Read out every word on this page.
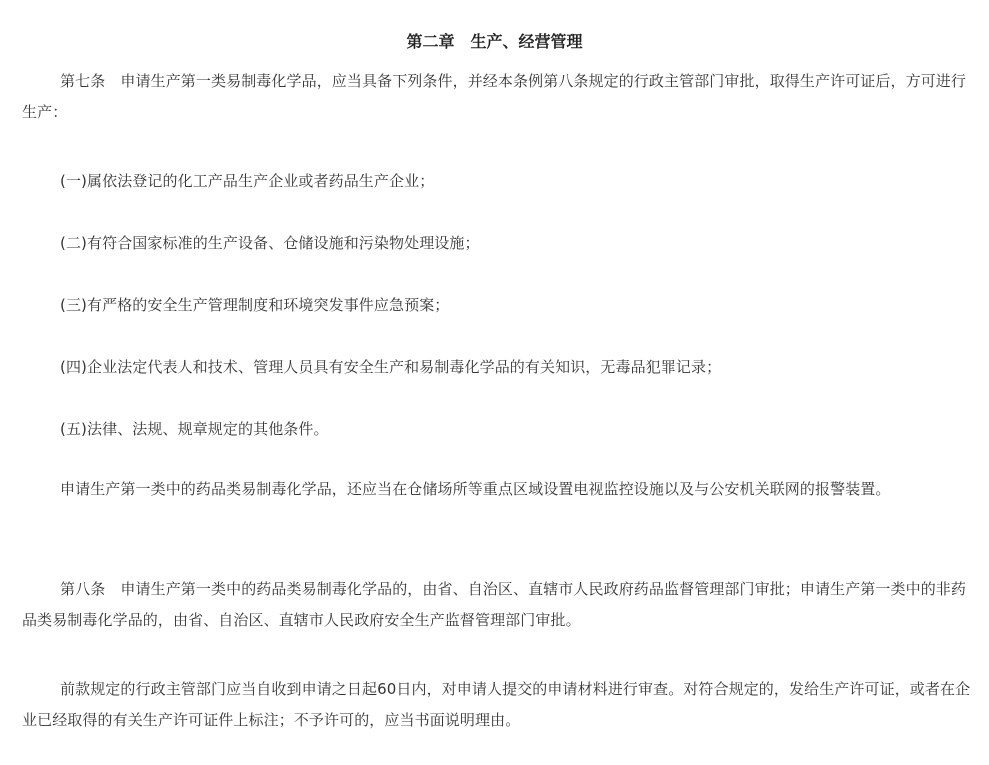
第二章　生产、经营管理

第七条　申请生产第一类易制毒化学品，应当具备下列条件，并经本条例第八条规定的行政主管部门审批，取得生产许可证后，方可进行生产：

(一)属依法登记的化工产品生产企业或者药品生产企业；

(二)有符合国家标准的生产设备、仓储设施和污染物处理设施；

(三)有严格的安全生产管理制度和环境突发事件应急预案；

(四)企业法定代表人和技术、管理人员具有安全生产和易制毒化学品的有关知识，无毒品犯罪记录；

(五)法律、法规、规章规定的其他条件。

申请生产第一类中的药品类易制毒化学品，还应当在仓储场所等重点区域设置电视监控设施以及与公安机关联网的报警装置。

第八条　申请生产第一类中的药品类易制毒化学品的，由省、自治区、直辖市人民政府药品监督管理部门审批；申请生产第一类中的非药品类易制毒化学品的，由省、自治区、直辖市人民政府安全生产监督管理部门审批。

前款规定的行政主管部门应当自收到申请之日起60日内，对申请人提交的申请材料进行审查。对符合规定的，发给生产许可证，或者在企业已经取得的有关生产许可证件上标注；不予许可的，应当书面说明理由。
